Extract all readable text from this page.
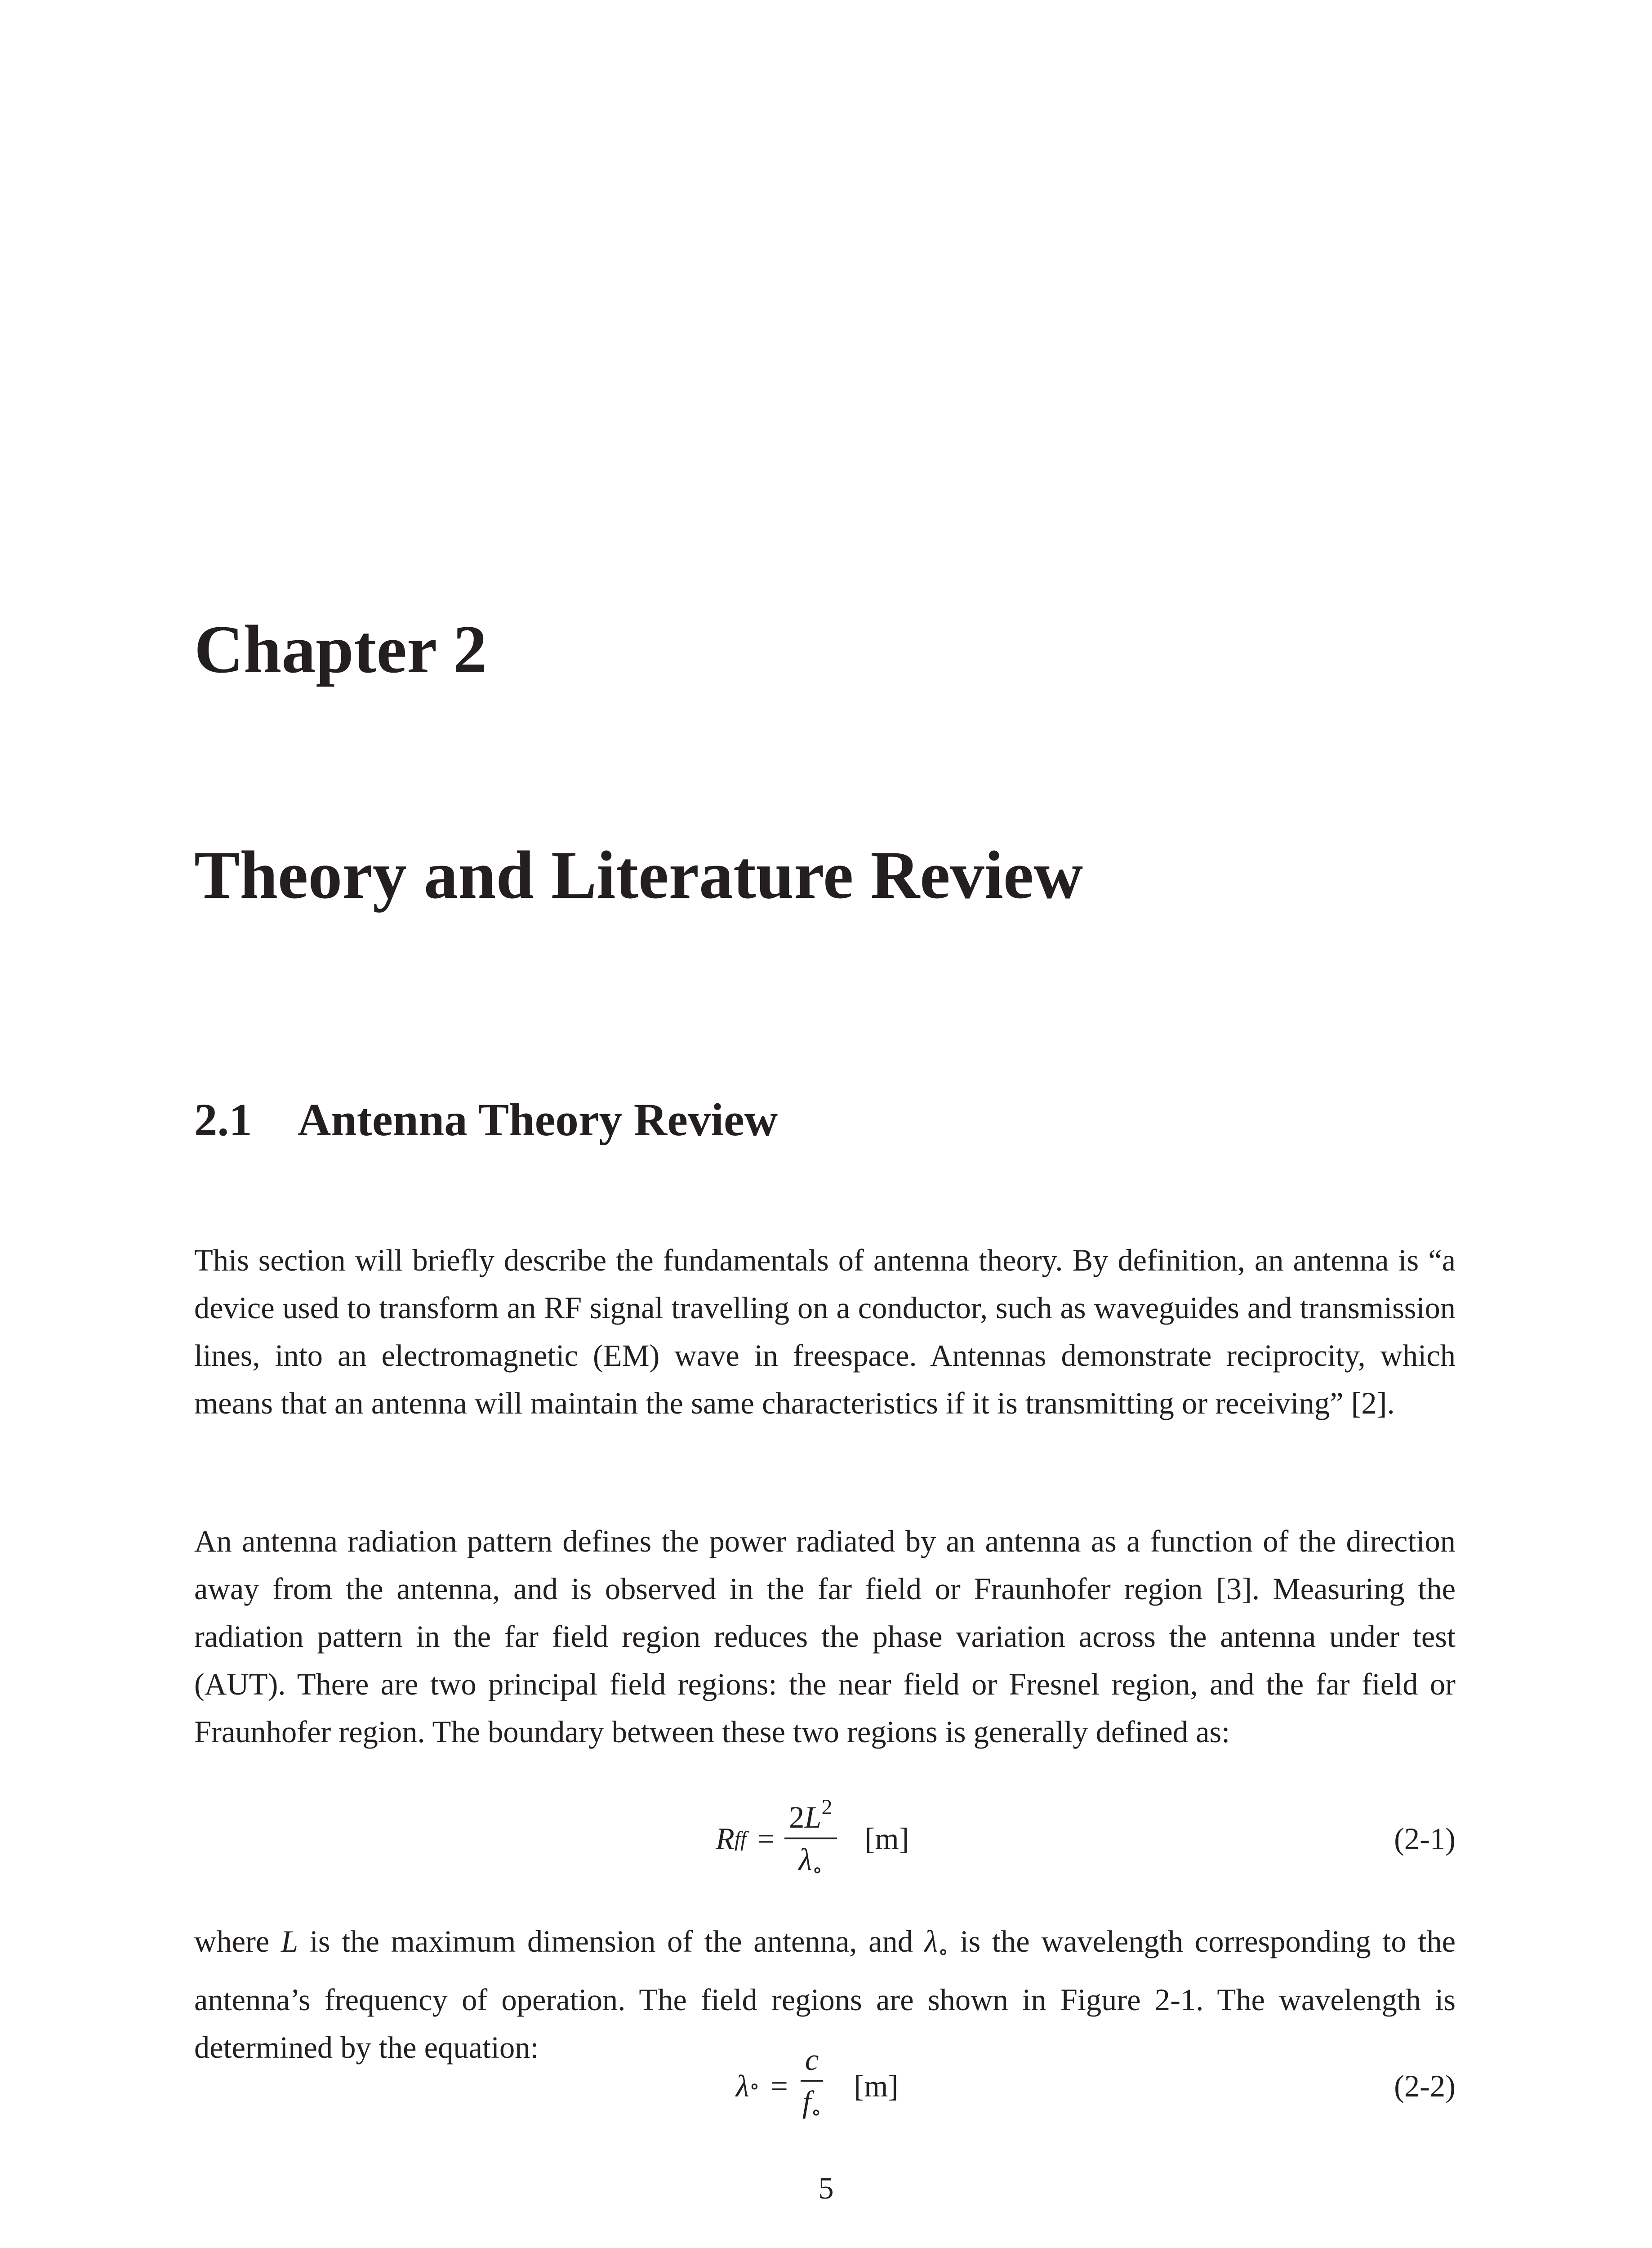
Chapter 2
Theory and Literature Review
2.1 Antenna Theory Review

This section will briefly describe the fundamentals of antenna theory. By definition, an antenna is “a device used to transform an RF signal travelling on a conductor, such as waveguides and transmission lines, into an electromagnetic (EM) wave in freespace. Antennas demonstrate reciprocity, which means that an antenna will maintain the same characteristics if it is transmitting or receiving” [2].

An antenna radiation pattern defines the power radiated by an antenna as a function of the direction away from the antenna, and is observed in the far field or Fraunhofer region [3]. Measuring the radiation pattern in the far field region reduces the phase variation across the antenna under test (AUT). There are two principal field regions: the near field or Fresnel region, and the far field or Fraunhofer region. The boundary between these two regions is generally defined as:

R ff = $\frac{2L^2}{\lambda_\circ} [m]$	(2-1)

where L is the maximum dimension of the antenna, and $\lambda_\circ$ is the wavelength corresponding to the antenna’s frequency of operation. The field regions are shown in Figure 2-1. The wavelength is determined by the equation:

λ ∘ = $\frac{c}{f_\circ} [m]$	(2-2)
5
